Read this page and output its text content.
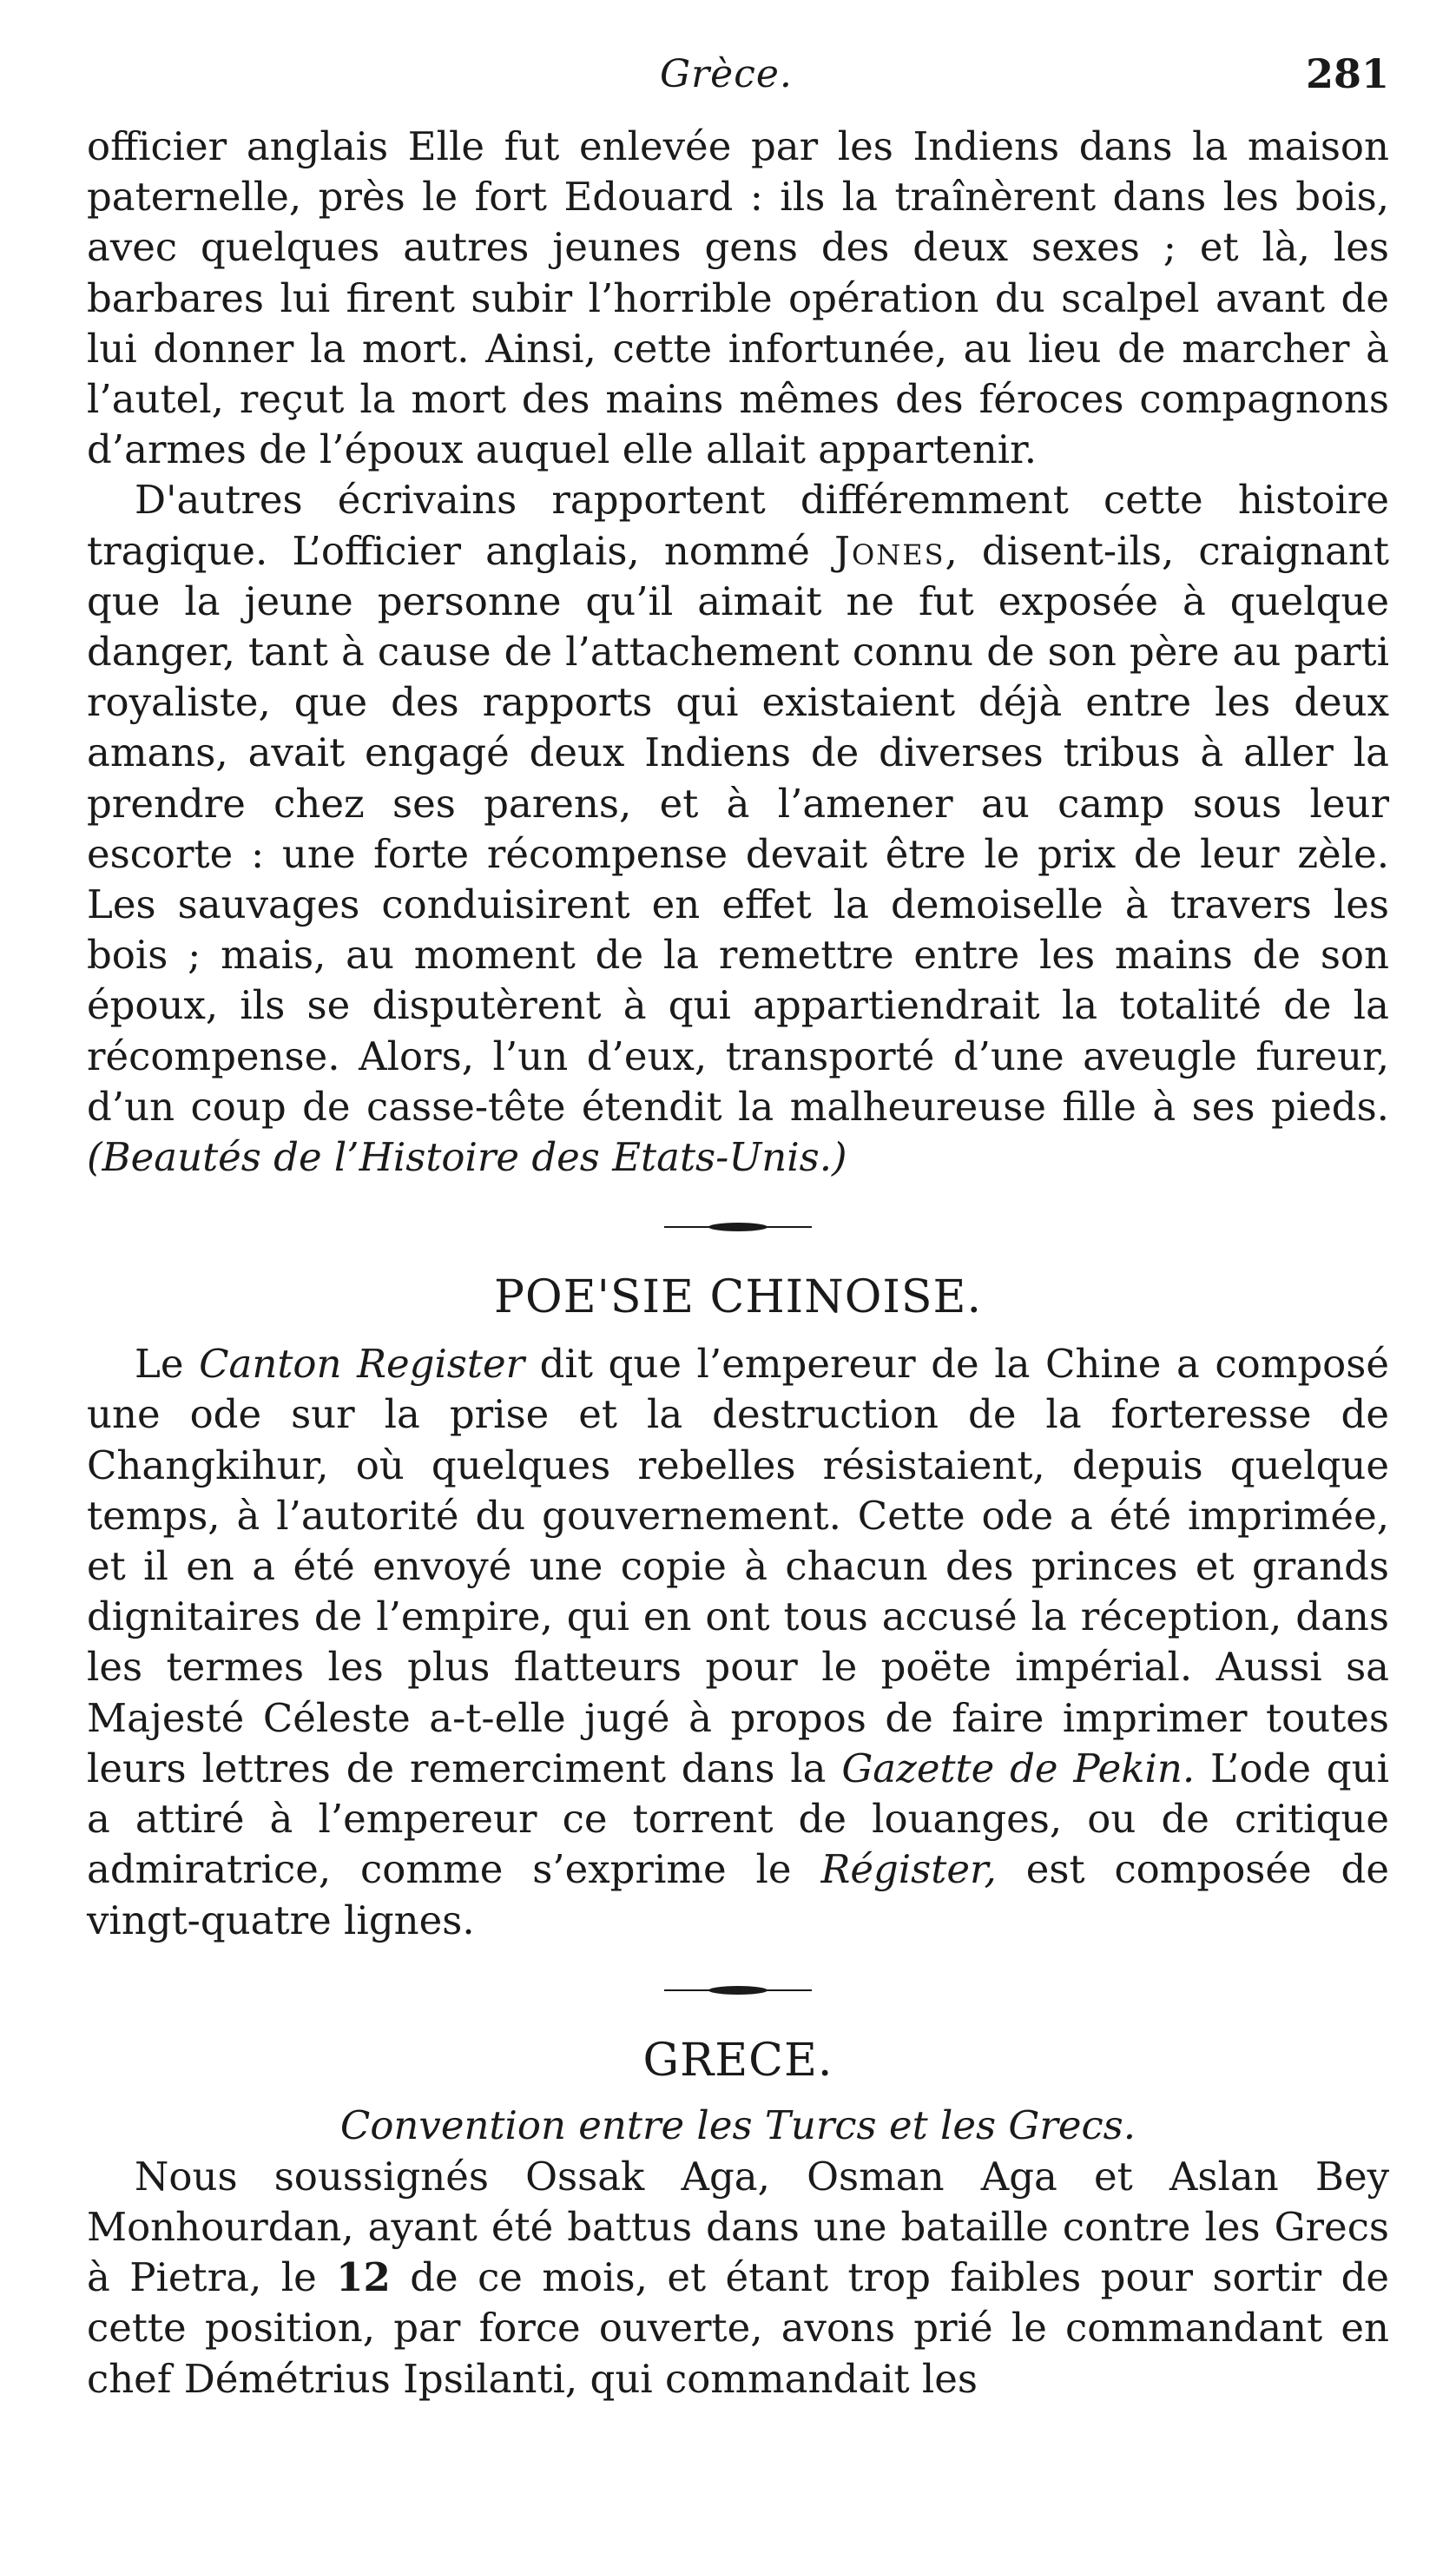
Grèce.	281

officier anglais Elle fut enlevée par les Indiens dans la maison paternelle, près le fort Edouard : ils la traînèrent dans les bois, avec quelques autres jeunes gens des deux sexes ; et là, les barbares lui firent subir l’horrible opération du scalpel avant de lui donner la mort. Ainsi, cette infortunée, au lieu de marcher à l’autel, reçut la mort des mains mêmes des féroces compagnons d’armes de l’époux auquel elle allait appartenir.

D'autres écrivains rapportent différemment cette histoire tragique. L’officier anglais, nommé Jones, disent-ils, craignant que la jeune personne qu’il aimait ne fut exposée à quelque danger, tant à cause de l’attachement connu de son père au parti royaliste, que des rapports qui existaient déjà entre les deux amans, avait engagé deux Indiens de diverses tribus à aller la prendre chez ses parens, et à l’amener au camp sous leur escorte : une forte récompense devait être le prix de leur zèle. Les sauvages conduisirent en effet la demoiselle à travers les bois ; mais, au moment de la remettre entre les mains de son époux, ils se disputèrent à qui appartiendrait la totalité de la récompense. Alors, l’un d’eux, transporté d’une aveugle fureur, d’un coup de casse-tête étendit la malheureuse fille à ses pieds. (Beautés de l’Histoire des Etats-Unis.)

POE'SIE CHINOISE.

Le Canton Register dit que l’empereur de la Chine a composé une ode sur la prise et la destruction de la forteresse de Changkihur, où quelques rebelles résistaient, depuis quelque temps, à l’autorité du gouvernement. Cette ode a été imprimée, et il en a été envoyé une copie à chacun des princes et grands dignitaires de l’empire, qui en ont tous accusé la réception, dans les termes les plus flatteurs pour le poëte impérial. Aussi sa Majesté Céleste a-t-elle jugé à propos de faire imprimer toutes leurs lettres de remerciment dans la Gazette de Pekin. L’ode qui a attiré à l’empereur ce torrent de louanges, ou de critique admiratrice, comme s’exprime le Régister, est composée de vingt-quatre lignes.

GRECE.

Convention entre les Turcs et les Grecs.

Nous soussignés Ossak Aga, Osman Aga et Aslan Bey Monhourdan, ayant été battus dans une bataille contre les Grecs à Pietra, le 12 de ce mois, et étant trop faibles pour sortir de cette position, par force ouverte, avons prié le commandant en chef Démétrius Ipsilanti, qui commandait les
